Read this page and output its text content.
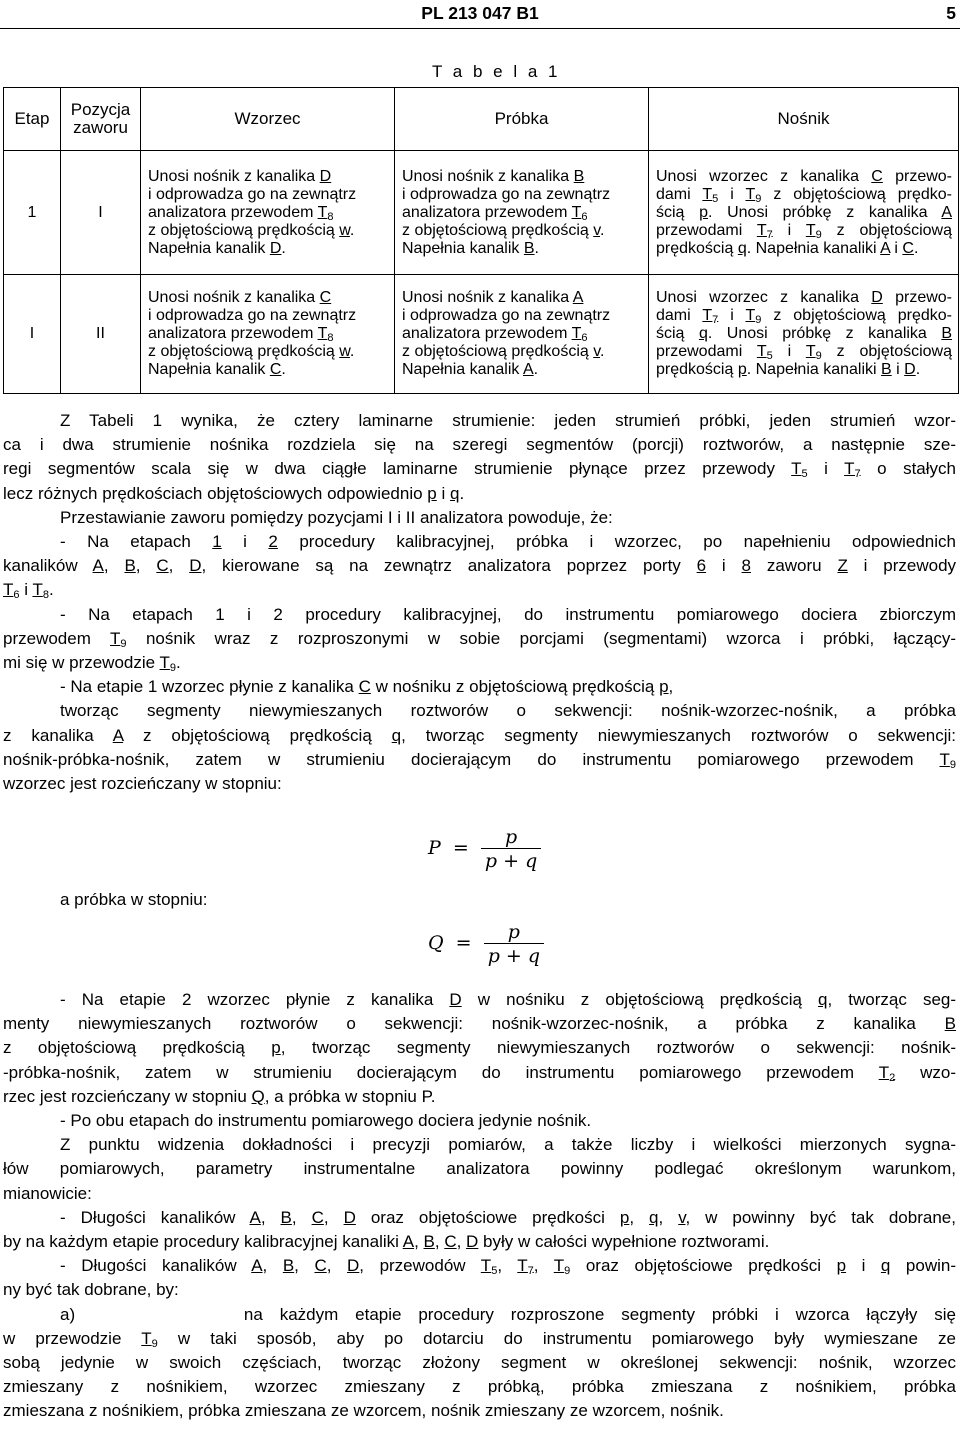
PL 213 047 B1	5
T a b e l a 1
Etap	Pozycja
zaworu	Wzorzec	Próbka	Nośnik
1	I	Unosi nośnik z kanalika D
i odprowadza go na zewnątrz
analizatora przewodem $T_8$
z objętościową prędkością w.
Napełnia kanalik D.	Unosi nośnik z kanalika B
i odprowadza go na zewnątrz
analizatora przewodem $T_6$
z objętościową prędkością v.
Napełnia kanalik B.	Unosi wzorzec z kanalika C przewo-
dami $T_5$ i $T_9$ z objętościową prędko-
ścią p. Unosi próbkę z kanalika A
przewodami $T_7$ i $T_9$ z objętościową
prędkością q. Napełnia kanaliki A i C.

I	II	Unosi nośnik z kanalika C
i odprowadza go na zewnątrz
analizatora przewodem $T_8$
z objętościową prędkością w.
Napełnia kanalik C.	Unosi nośnik z kanalika A
i odprowadza go na zewnątrz
analizatora przewodem $T_6$
z objętościową prędkością v.
Napełnia kanalik A.	Unosi wzorzec z kanalika D przewo-
dami $T_7$ i $T_9$ z objętościową prędko-
ścią q. Unosi próbkę z kanalika B
przewodami $T_5$ i $T_9$ z objętościową
prędkością p. Napełnia kanaliki B i D.

Z Tabeli 1 wynika, że cztery laminarne strumienie: jeden strumień próbki, jeden strumień wzor-
ca i dwa strumienie nośnika rozdziela się na szeregi segmentów (porcji) roztworów, a następnie sze-
regi segmentów scala się w dwa ciągłe laminarne strumienie płynące przez przewody $T_5$ i $T_7$ o stałych
lecz różnych prędkościach objętościowych odpowiednio p i q.

Przestawianie zaworu pomiędzy pozycjami I i II analizatora powoduje, że:
- Na etapach 1 i 2 procedury kalibracyjnej, próbka i wzorzec, po napełnieniu odpowiednich
kanalików A, B, C, D, kierowane są na zewnątrz analizatora poprzez porty 6 i 8 zaworu Z i przewody
$T_6$ i $T_8$.

- Na etapach 1 i 2 procedury kalibracyjnej, do instrumentu pomiarowego dociera zbiorczym
przewodem $T_9$ nośnik wraz z rozproszonymi w sobie porcjami (segmentami) wzorca i próbki, łączący-
mi się w przewodzie $T_9$.

- Na etapie 1 wzorzec płynie z kanalika C w nośniku z objętościową prędkością p,
tworząc segmenty niewymieszanych roztworów o sekwencji: nośnik-wzorzec-nośnik, a próbka
z kanalika A z objętościową prędkością q, tworząc segmenty niewymieszanych roztworów o sekwencji:
nośnik-próbka-nośnik, zatem w strumieniu docierającym do instrumentu pomiarowego przewodem $T_9$
wzorzec jest rozcieńczany w stopniu:

$P = \frac{p}{p + q}$
a próbka w stopniu:
$Q = \frac{p}{p + q}$

- Na etapie 2 wzorzec płynie z kanalika D w nośniku z objętościową prędkością q, tworząc seg-
menty niewymieszanych roztworów o sekwencji: nośnik-wzorzec-nośnik, a próbka z kanalika B
z objętościową prędkością p, tworząc segmenty niewymieszanych roztworów o sekwencji: nośnik-
-próbka-nośnik, zatem w strumieniu docierającym do instrumentu pomiarowego przewodem $T_2$ wzo-
rzec jest rozcieńczany w stopniu Q, a próbka w stopniu P.

- Po obu etapach do instrumentu pomiarowego dociera jedynie nośnik.

Z punktu widzenia dokładności i precyzji pomiarów, a także liczby i wielkości mierzonych sygna-
łów pomiarowych, parametry instrumentalne analizatora powinny podlegać określonym warunkom,
mianowicie:

- Długości kanalików A, B, C, D oraz objętościowe prędkości p, q, v, w powinny być tak dobrane,
by na każdym etapie procedury kalibracyjnej kanaliki A, B, C, D były w całości wypełnione roztworami.

- Długości kanalików A, B, C, D, przewodów $T_5$, $T_7$, $T_9$ oraz objętościowe prędkości p i q powin-
ny być tak dobrane, by:

a)          na każdym etapie procedury rozproszone segmenty próbki i wzorca łączyły się
w przewodzie $T_9$ w taki sposób, aby po dotarciu do instrumentu pomiarowego były wymieszane ze
sobą jedynie w swoich częściach, tworząc złożony segment w określonej sekwencji: nośnik, wzorzec
zmieszany z nośnikiem, wzorzec zmieszany z próbką, próbka zmieszana z nośnikiem, próbka
zmieszana z nośnikiem, próbka zmieszana ze wzorcem, nośnik zmieszany ze wzorcem, nośnik.
